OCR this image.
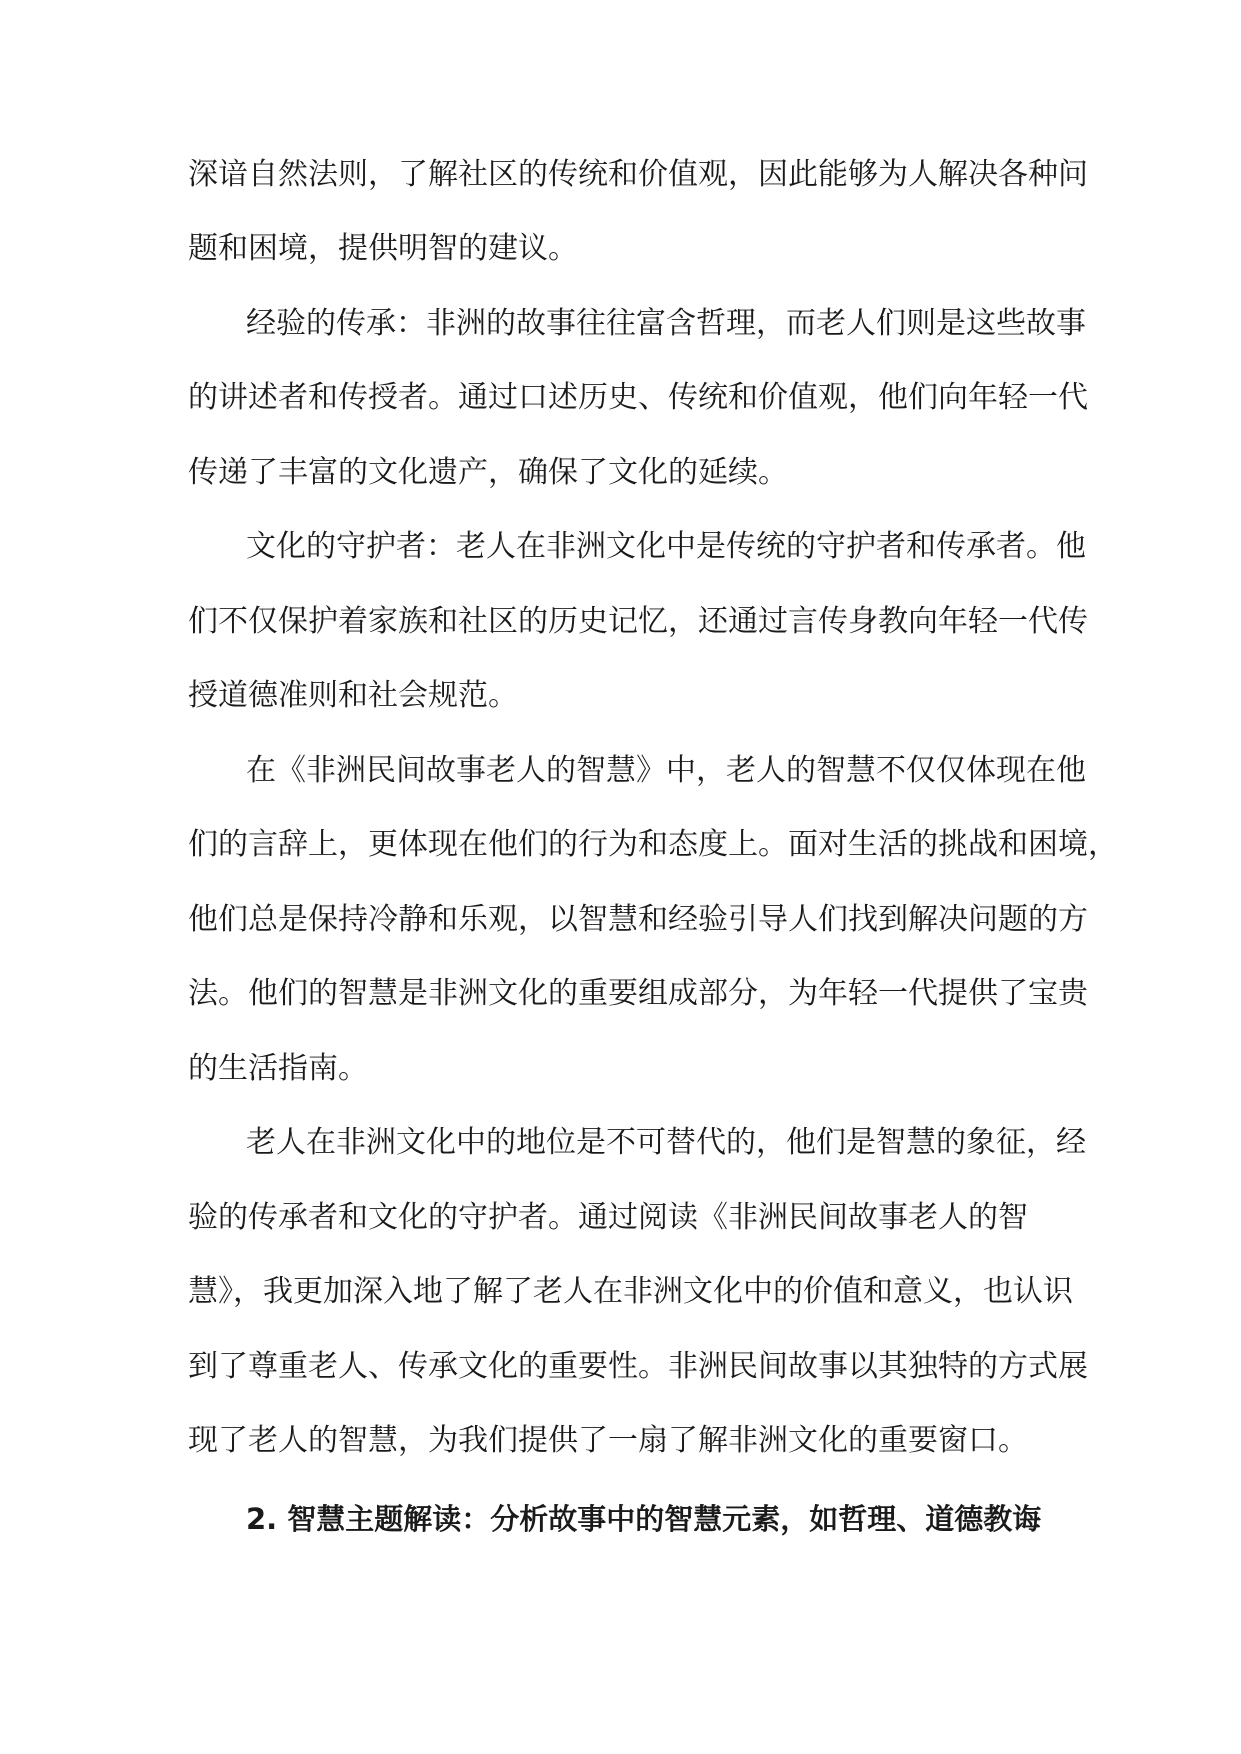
深谙自然法则，了解社区的传统和价值观，因此能够为人解决各种问
题和困境，提供明智的建议。
经验的传承：非洲的故事往往富含哲理，而老人们则是这些故事
的讲述者和传授者。通过口述历史、传统和价值观，他们向年轻一代
传递了丰富的文化遗产，确保了文化的延续。
文化的守护者：老人在非洲文化中是传统的守护者和传承者。他
们不仅保护着家族和社区的历史记忆，还通过言传身教向年轻一代传
授道德准则和社会规范。
在《非洲民间故事老人的智慧》中，老人的智慧不仅仅体现在他
们的言辞上，更体现在他们的行为和态度上。面对生活的挑战和困境，
他们总是保持冷静和乐观，以智慧和经验引导人们找到解决问题的方
法。他们的智慧是非洲文化的重要组成部分，为年轻一代提供了宝贵
的生活指南。
老人在非洲文化中的地位是不可替代的，他们是智慧的象征，经
验的传承者和文化的守护者。通过阅读《非洲民间故事老人的智
慧》，我更加深入地了解了老人在非洲文化中的价值和意义，也认识
到了尊重老人、传承文化的重要性。非洲民间故事以其独特的方式展
现了老人的智慧，为我们提供了一扇了解非洲文化的重要窗口。
2. 智慧主题解读：分析故事中的智慧元素，如哲理、道德教诲
